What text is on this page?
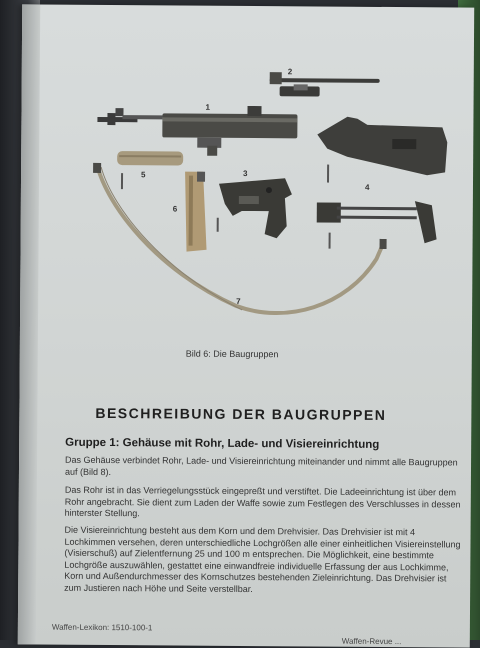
1
2
3
4
5
6
7
Bild 6: Die Baugruppen
BESCHREIBUNG DER BAUGRUPPEN
Gruppe 1: Gehäuse mit Rohr, Lade- und Visiereinrichtung

Das Gehäuse verbindet Rohr, Lade- und Visiereinrichtung miteinander und nimmt alle Baugruppen auf (Bild 8).

Das Rohr ist in das Verriegelungsstück eingepreßt und verstiftet. Die Ladeeinrichtung ist über dem Rohr angebracht. Sie dient zum Laden der Waffe sowie zum Festlegen des Verschlusses in dessen hinterster Stellung.

Die Visiereinrichtung besteht aus dem Korn und dem Drehvisier. Das Drehvisier ist mit 4 Lochkimmen versehen, deren unterschiedliche Lochgrößen alle einer einheitlichen Visiereinstellung (Visierschuß) auf Zielentfernung 25 und 100 m entsprechen. Die Möglichkeit, eine bestimmte Lochgröße auszuwählen, gestattet eine einwandfreie individuelle Erfassung der aus Lochkimme, Korn und Außendurchmesser des Kornschutzes bestehenden Zieleinrichtung. Das Drehvisier ist zum Justieren nach Höhe und Seite verstellbar.

Waffen-Lexikon: 1510-100-1
Waffen-Revue ...
